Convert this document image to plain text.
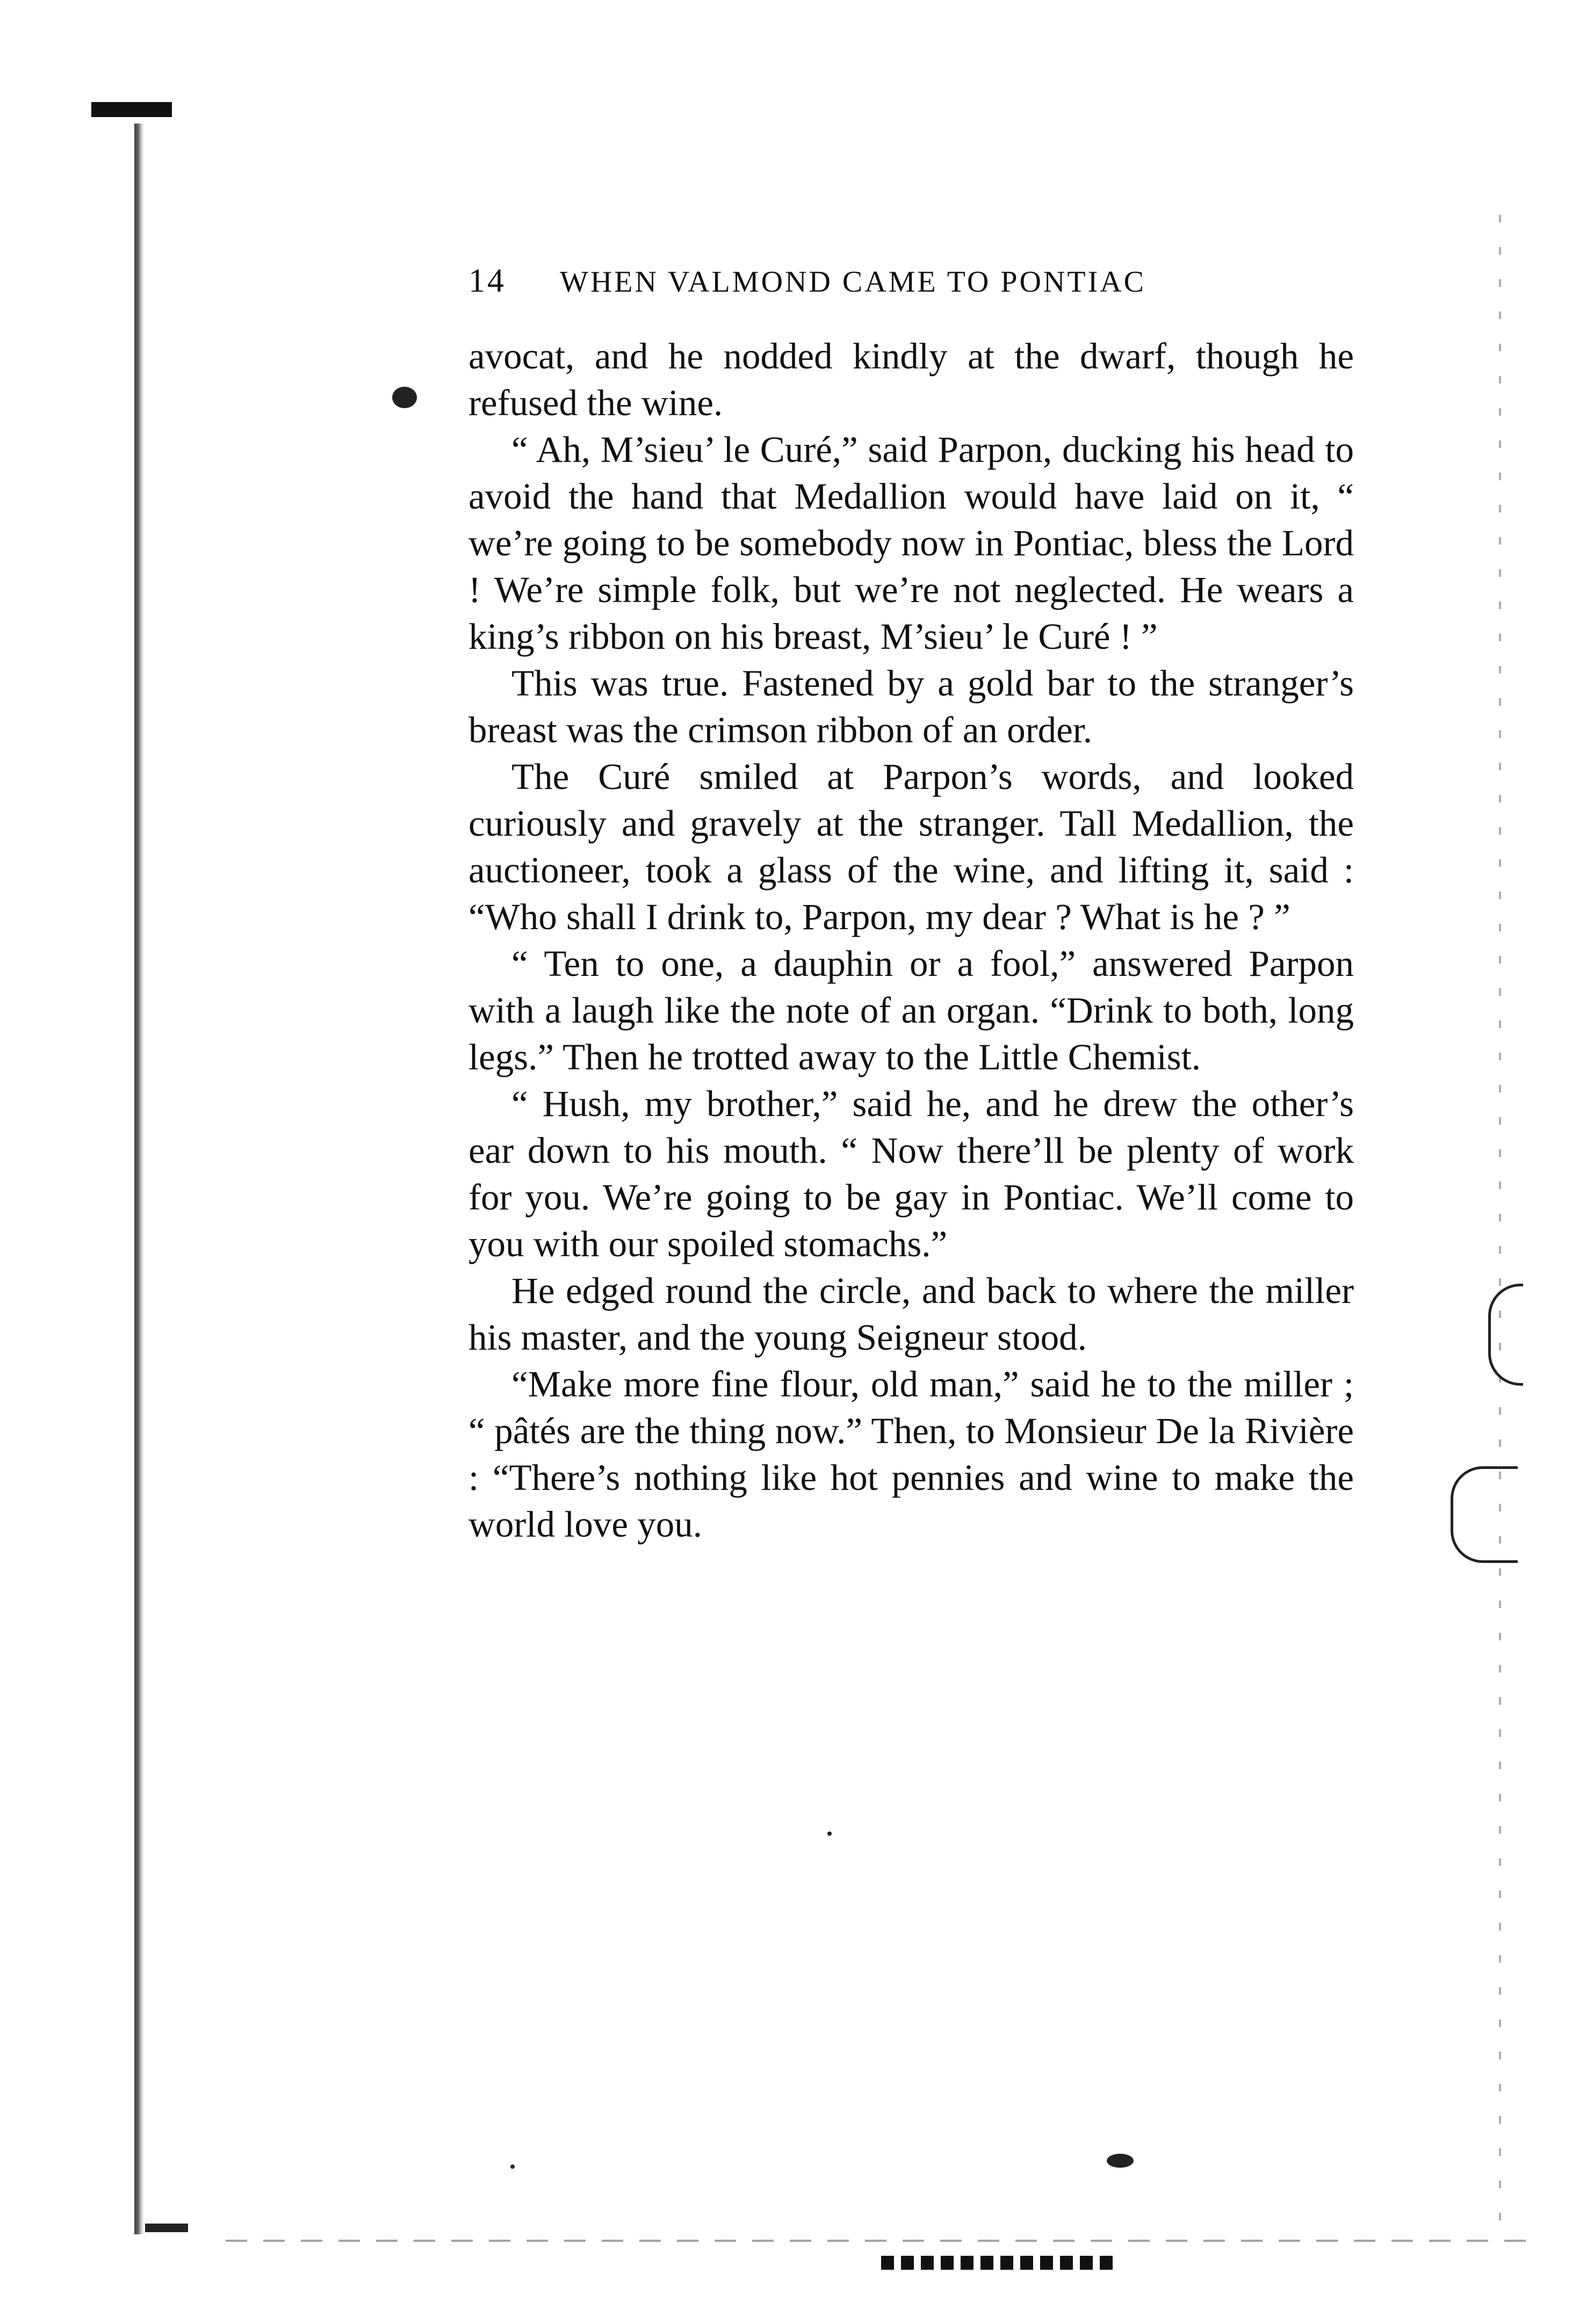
14 WHEN VALMOND CAME TO PONTIAC

avocat, and he nodded kindly at the dwarf, though he refused the wine.

“ Ah, M’sieu’ le Curé,” said Parpon, ducking his head to avoid the hand that Medallion would have laid on it, “ we’re going to be somebody now in Pontiac, bless the Lord ! We’re simple folk, but we’re not neglected. He wears a king’s ribbon on his breast, M’sieu’ le Curé ! ”

This was true. Fastened by a gold bar to the stranger’s breast was the crimson ribbon of an order.

The Curé smiled at Parpon’s words, and looked curiously and gravely at the stranger. Tall Medallion, the auctioneer, took a glass of the wine, and lifting it, said : “Who shall I drink to, Parpon, my dear ? What is he ? ”

“ Ten to one, a dauphin or a fool,” answered Parpon with a laugh like the note of an organ. “Drink to both, long legs.” Then he trotted away to the Little Chemist.

“ Hush, my brother,” said he, and he drew the other’s ear down to his mouth. “ Now there’ll be plenty of work for you. We’re going to be gay in Pontiac. We’ll come to you with our spoiled stomachs.”

He edged round the circle, and back to where the miller his master, and the young Seigneur stood.

“Make more fine flour, old man,” said he to the miller ; “ pâtés are the thing now.” Then, to Monsieur De la Rivière : “There’s nothing like hot pennies and wine to make the world love you.
